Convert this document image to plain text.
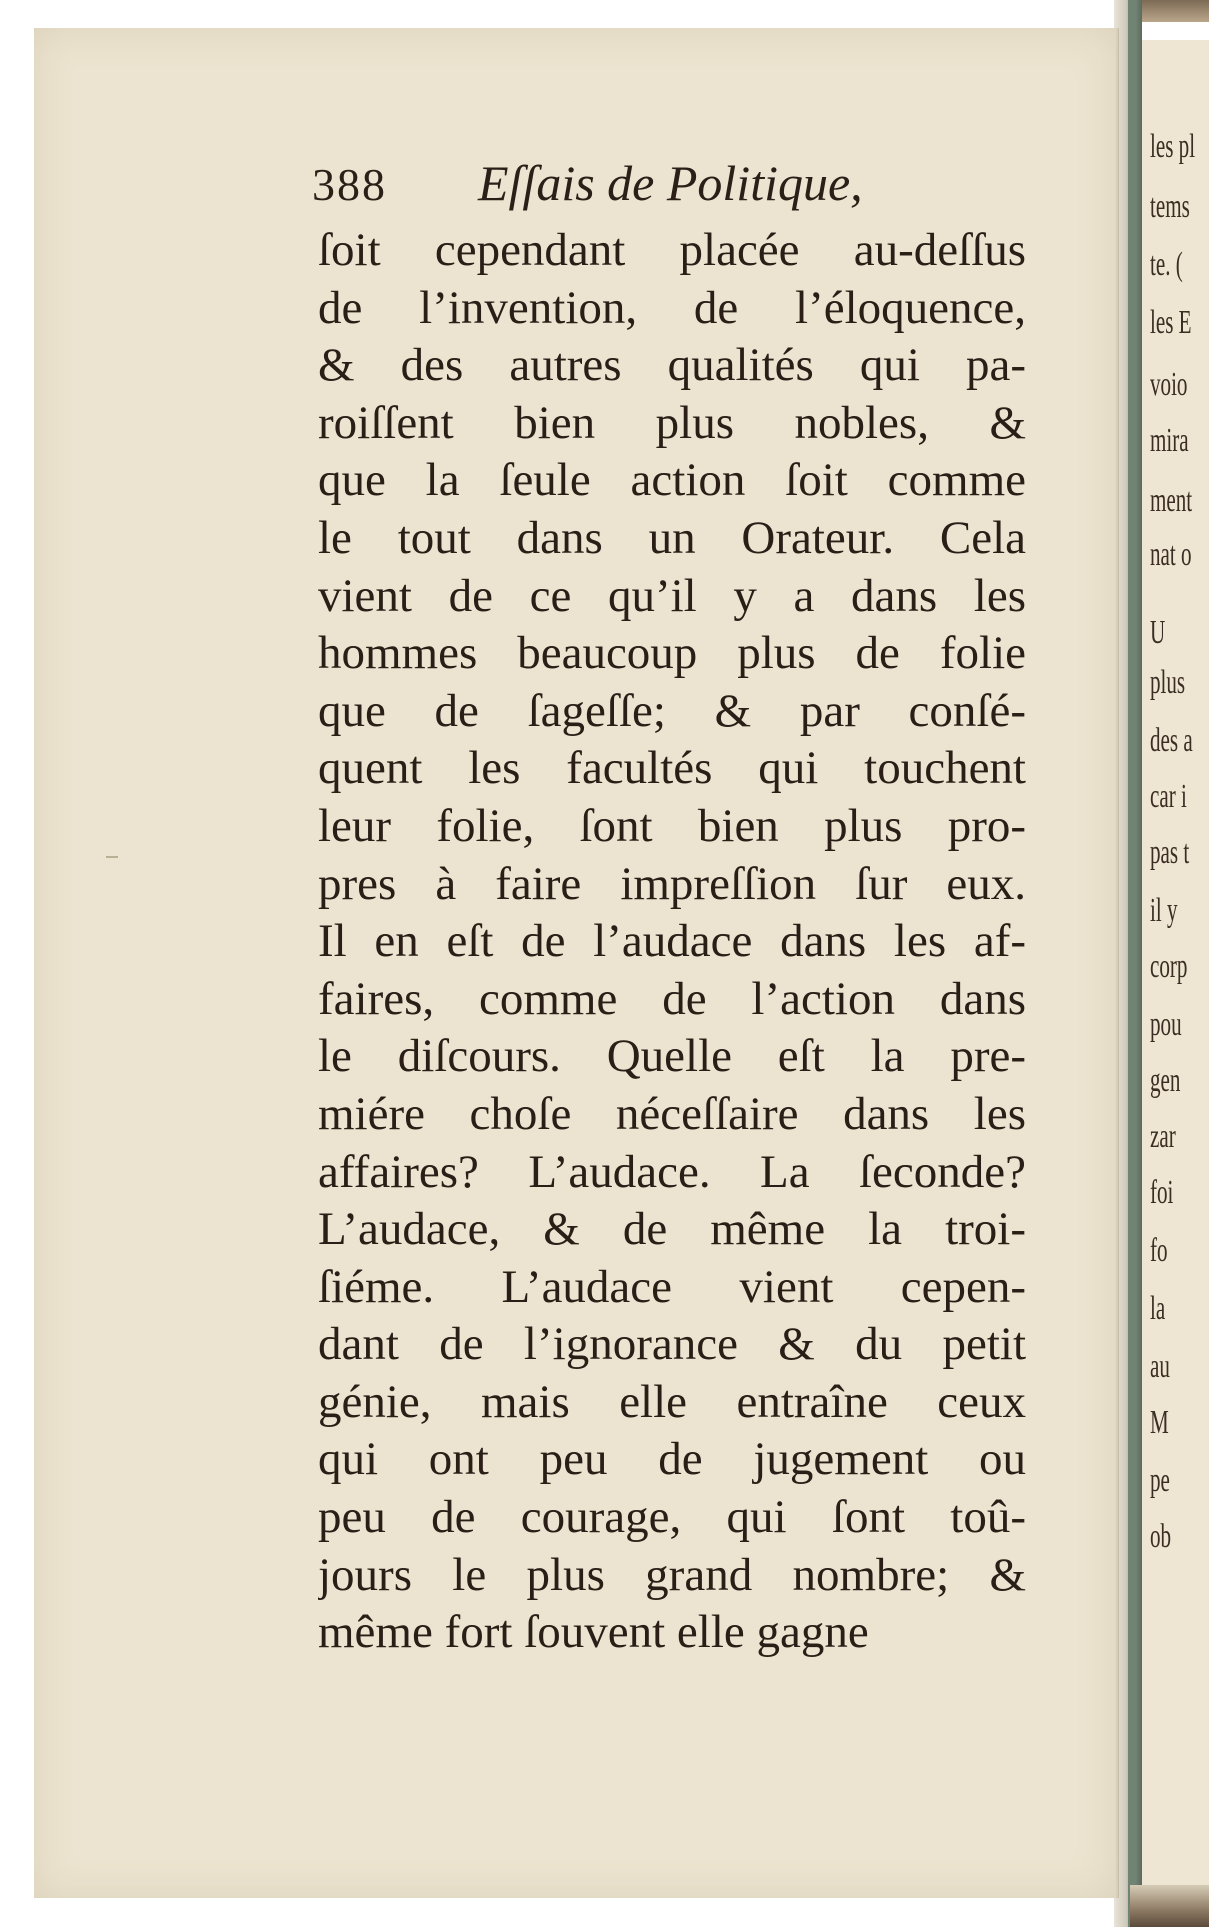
les pl
tems
te. (
les E
voio
mira
ment
nat o
U
plus
des a
car i
pas t
il y
corp
pou
gen
zar
foi
fo
la
au
M
pe
ob
388 Eſſais de Politique,
ſoit cependant placée au-deſſus
de l’invention, de l’éloquence,
& des autres qualités qui pa-
roiſſent bien plus nobles, &
que la ſeule action ſoit comme
le tout dans un Orateur. Cela
vient de ce qu’il y a dans les
hommes beaucoup plus de folie
que de ſageſſe; & par conſé-
quent les facultés qui touchent
leur folie, ſont bien plus pro-
pres à faire impreſſion ſur eux.
Il en eſt de l’audace dans les af-
faires, comme de l’action dans
le diſcours. Quelle eſt la pre-
miére choſe néceſſaire dans les
affaires? L’audace. La ſeconde?
L’audace, & de même la troi-
ſiéme. L’audace vient cepen-
dant de l’ignorance & du petit
génie, mais elle entraîne ceux
qui ont peu de jugement ou
peu de courage, qui ſont toû-
jours le plus grand nombre; &
même fort ſouvent elle gagne
